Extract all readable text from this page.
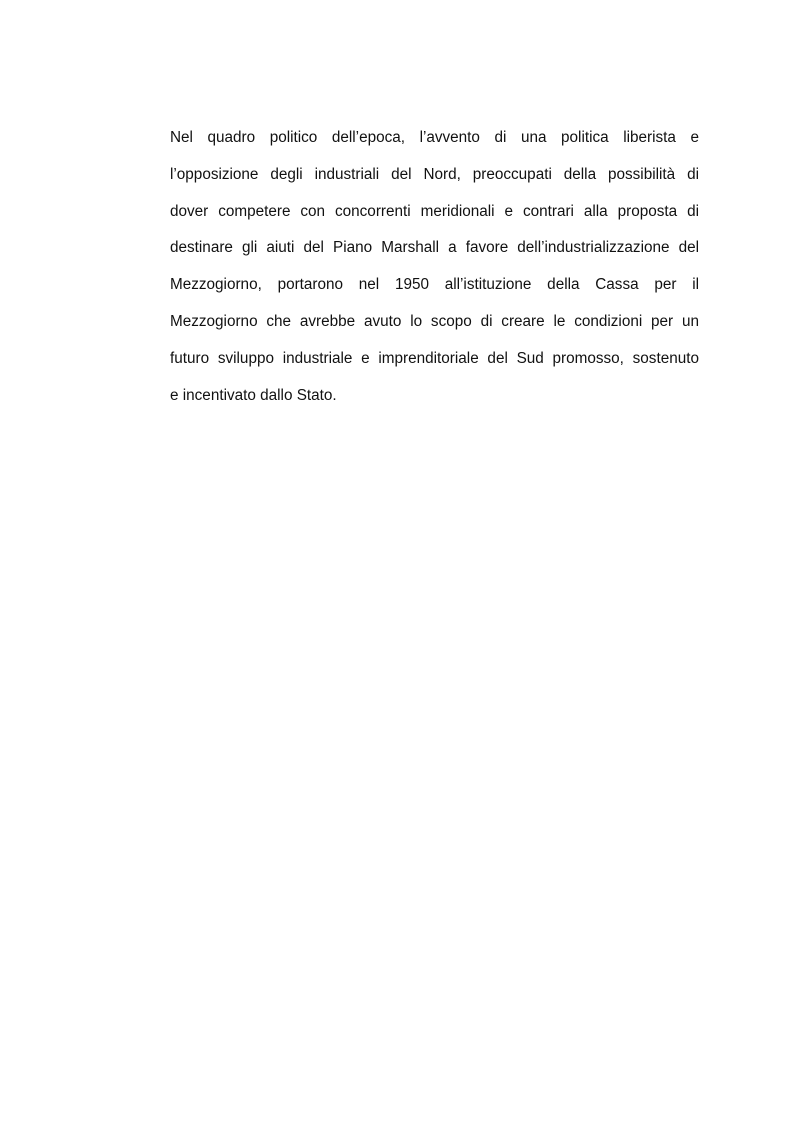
Nel quadro politico dell’epoca, l’avvento di una politica liberista e
l’opposizione degli industriali del Nord, preoccupati della possibilità di
dover competere con concorrenti meridionali e contrari alla proposta di
destinare gli aiuti del Piano Marshall a favore dell’industrializzazione del
Mezzogiorno, portarono nel 1950 all’istituzione della Cassa per il
Mezzogiorno che avrebbe avuto lo scopo di creare le condizioni per un
futuro sviluppo industriale e imprenditoriale del Sud promosso, sostenuto
e incentivato dallo Stato.
